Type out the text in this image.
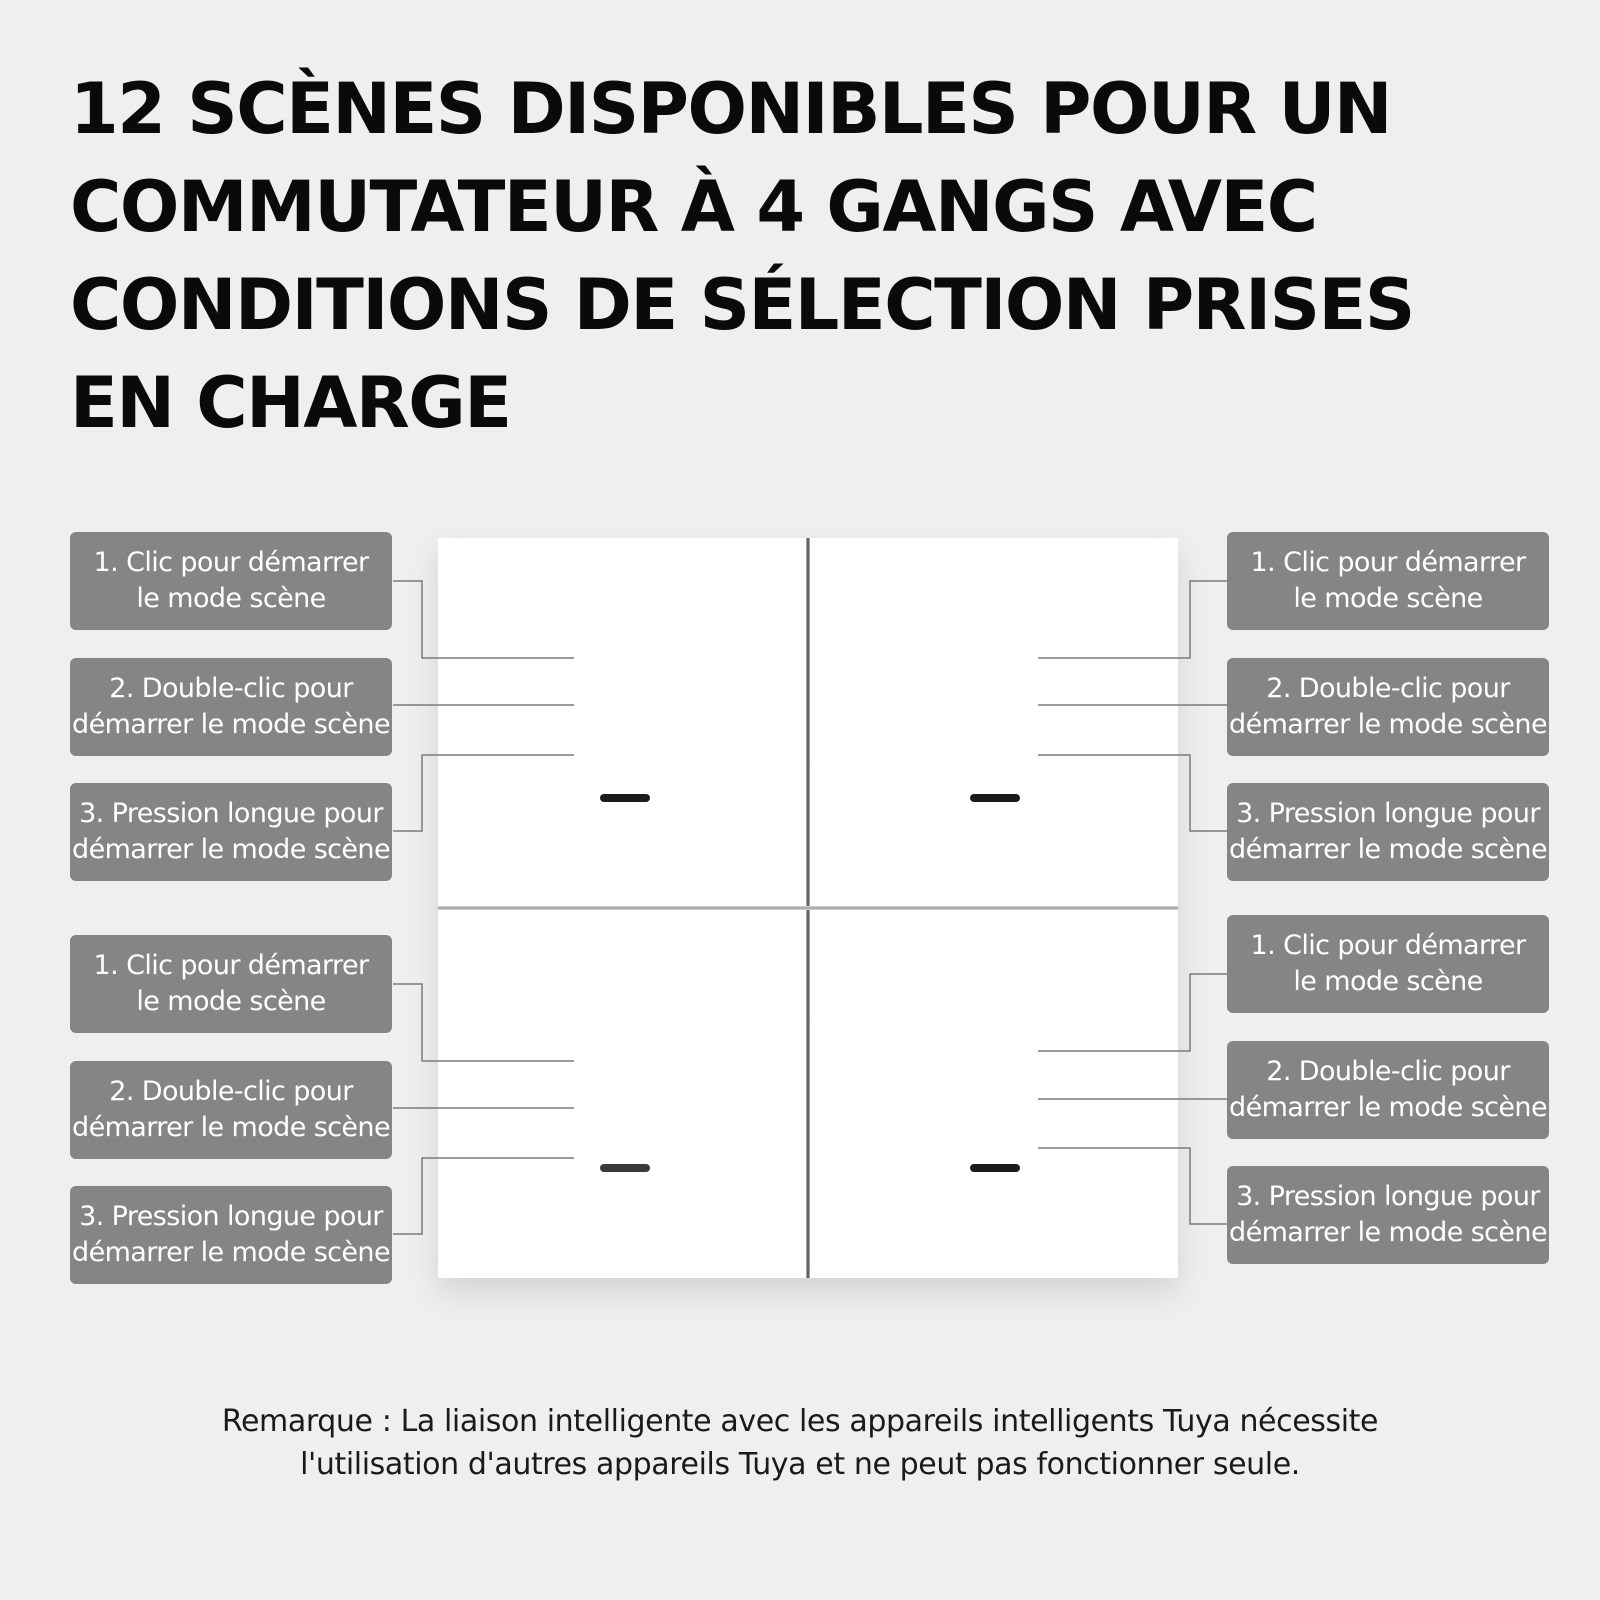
12 SCÈNES DISPONIBLES POUR UN
COMMUTATEUR À 4 GANGS AVEC
CONDITIONS DE SÉLECTION PRISES
EN CHARGE
1. Clic pour démarrer
le mode scène
2. Double-clic pour
démarrer le mode scène
3. Pression longue pour
démarrer le mode scène
1. Clic pour démarrer
le mode scène
2. Double-clic pour
démarrer le mode scène
3. Pression longue pour
démarrer le mode scène
1. Clic pour démarrer
le mode scène
2. Double-clic pour
démarrer le mode scène
3. Pression longue pour
démarrer le mode scène
1. Clic pour démarrer
le mode scène
2. Double-clic pour
démarrer le mode scène
3. Pression longue pour
démarrer le mode scène
Remarque : La liaison intelligente avec les appareils intelligents Tuya nécessite
l'utilisation d'autres appareils Tuya et ne peut pas fonctionner seule.
